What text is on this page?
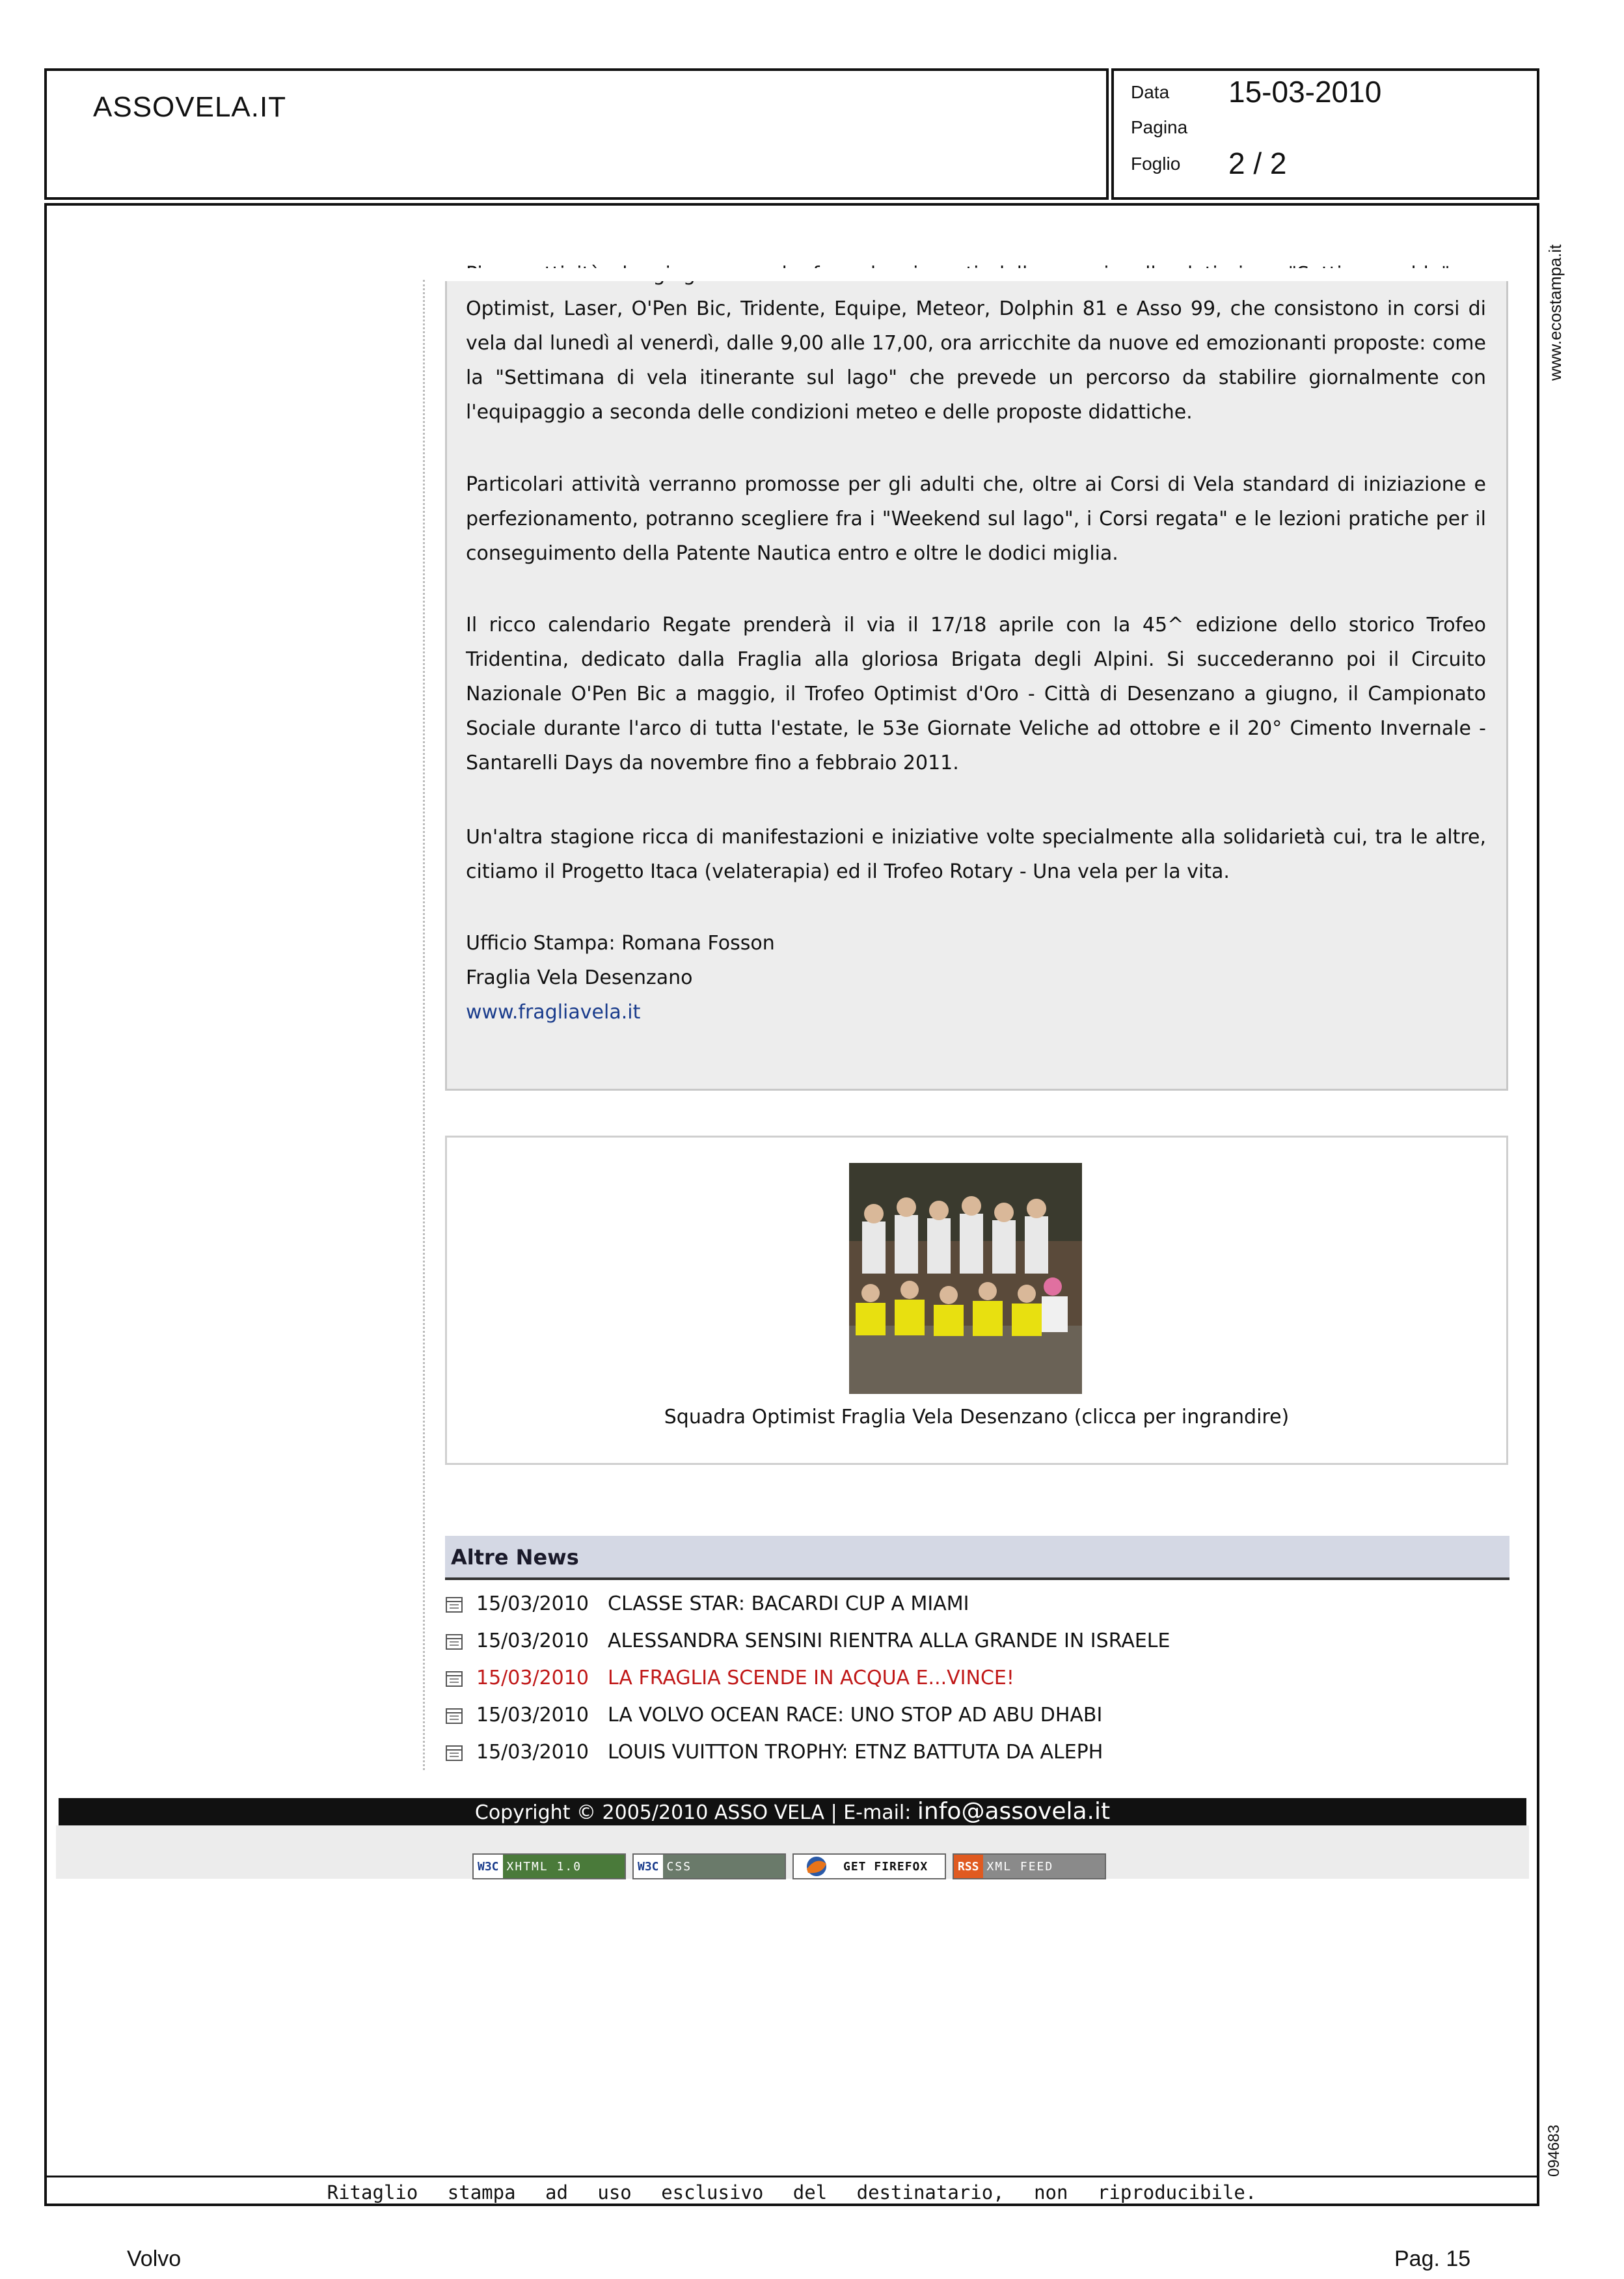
ASSOVELA.IT	Data 15-03-2010
Pagina
Foglio 2 / 2
www.ecostampa.it
094683

Optimist, Laser, O'Pen Bic, Tridente, Equipe, Meteor, Dolphin 81 e Asso 99, che consistono in corsi di vela dal lunedì al venerdì, dalle 9,00 alle 17,00, ora arricchite da nuove ed emozionanti proposte: come la "Settimana di vela itinerante sul lago" che prevede un percorso da stabilire giornalmente con l'equipaggio a seconda delle condizioni meteo e delle proposte didattiche.

Particolari attività verranno promosse per gli adulti che, oltre ai Corsi di Vela standard di iniziazione e perfezionamento, potranno scegliere fra i "Weekend sul lago", i Corsi regata" e le lezioni pratiche per il conseguimento della Patente Nautica entro e oltre le dodici miglia.

Il ricco calendario Regate prenderà il via il 17/18 aprile con la 45^ edizione dello storico Trofeo Tridentina, dedicato dalla Fraglia alla gloriosa Brigata degli Alpini. Si succederanno poi il Circuito Nazionale O'Pen Bic a maggio, il Trofeo Optimist d'Oro - Città di Desenzano a giugno, il Campionato Sociale durante l'arco di tutta l'estate, le 53e Giornate Veliche ad ottobre e il 20° Cimento Invernale - Santarelli Days da novembre fino a febbraio 2011.

Un'altra stagione ricca di manifestazioni e iniziative volte specialmente alla solidarietà cui, tra le altre, citiamo il Progetto Itaca (velaterapia) ed il Trofeo Rotary - Una vela per la vita.

Ufficio Stampa: Romana Fosson
Fraglia Vela Desenzano
www.fragliavela.it
Squadra Optimist Fraglia Vela Desenzano (clicca per ingrandire)
Altre News
15/03/2010 CLASSE STAR: BACARDI CUP A MIAMI
15/03/2010 ALESSANDRA SENSINI RIENTRA ALLA GRANDE IN ISRAELE
15/03/2010 LA FRAGLIA SCENDE IN ACQUA E...VINCE!
15/03/2010 LA VOLVO OCEAN RACE: UNO STOP AD ABU DHABI
15/03/2010 LOUIS VUITTON TROPHY: ETNZ BATTUTA DA ALEPH
Copyright © 2005/2010 ASSO VELA | E-mail: info@assovela.it
W3C XHTML 1.0	W3C CSS	GET FIREFOX	RSS XML FEED
Ritaglio stampa ad uso esclusivo del destinatario, non riproducibile.
Volvo	Pag. 15
